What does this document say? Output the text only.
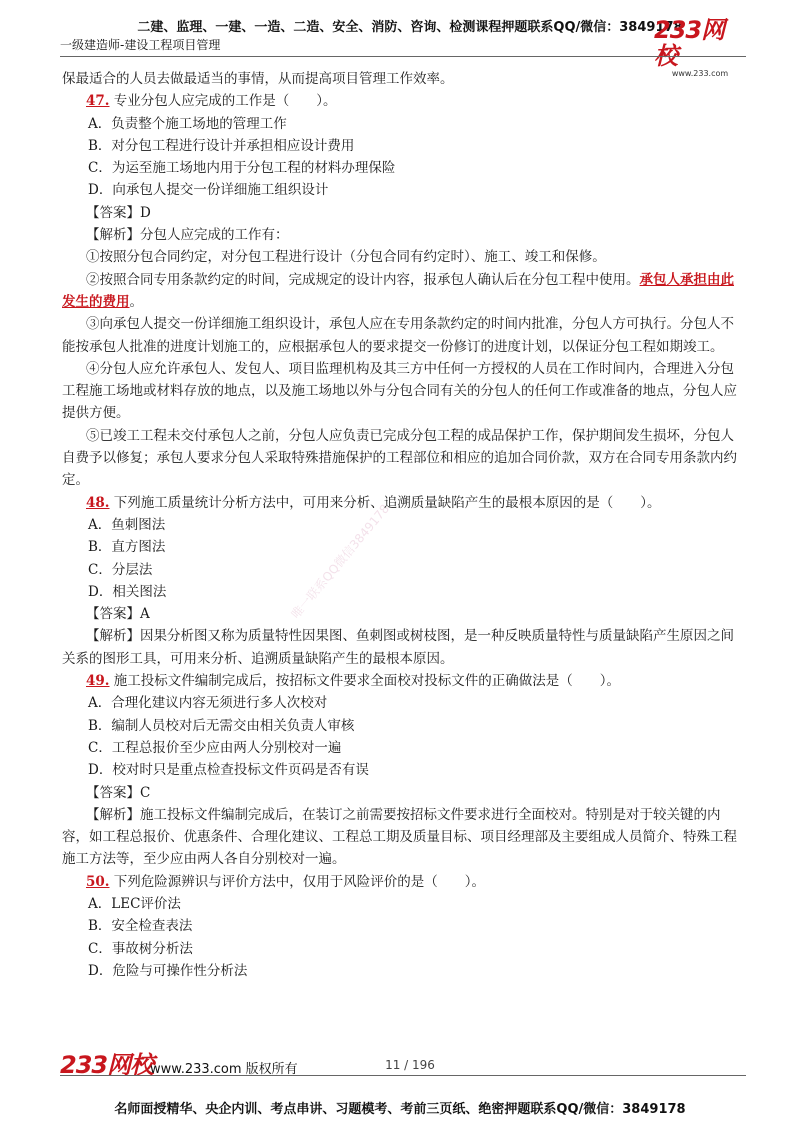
二建、监理、一建、一造、二造、安全、消防、咨询、检测课程押题联系QQ/微信：3849178
一级建造师-建设工程项目管理
233网校
www.233.com
唯一联系QQ微信3849178

保最适合的人员去做最适当的事情，从而提高项目管理工作效率。

47. 专业分包人应完成的工作是（　　）。

A．负责整个施工场地的管理工作

B．对分包工程进行设计并承担相应设计费用

C．为运至施工场地内用于分包工程的材料办理保险

D．向承包人提交一份详细施工组织设计

【答案】D

【解析】分包人应完成的工作有：

①按照分包合同约定，对分包工程进行设计（分包合同有约定时）、施工、竣工和保修。

②按照合同专用条款约定的时间，完成规定的设计内容，报承包人确认后在分包工程中使用。承包人承担由此发生的费用。

③向承包人提交一份详细施工组织设计，承包人应在专用条款约定的时间内批准，分包人方可执行。分包人不能按承包人批准的进度计划施工的，应根据承包人的要求提交一份修订的进度计划，以保证分包工程如期竣工。

④分包人应允许承包人、发包人、项目监理机构及其三方中任何一方授权的人员在工作时间内，合理进入分包工程施工场地或材料存放的地点，以及施工场地以外与分包合同有关的分包人的任何工作或准备的地点，分包人应提供方便。

⑤已竣工工程未交付承包人之前，分包人应负责已完成分包工程的成品保护工作，保护期间发生损坏，分包人自费予以修复；承包人要求分包人采取特殊措施保护的工程部位和相应的追加合同价款，双方在合同专用条款内约定。

48. 下列施工质量统计分析方法中，可用来分析、追溯质量缺陷产生的最根本原因的是（　　）。

A．鱼刺图法

B．直方图法

C．分层法

D．相关图法

【答案】A

【解析】因果分析图又称为质量特性因果图、鱼刺图或树枝图，是一种反映质量特性与质量缺陷产生原因之间关系的图形工具，可用来分析、追溯质量缺陷产生的最根本原因。

49. 施工投标文件编制完成后，按招标文件要求全面校对投标文件的正确做法是（　　）。

A．合理化建议内容无须进行多人次校对

B．编制人员校对后无需交由相关负责人审核

C．工程总报价至少应由两人分别校对一遍

D．校对时只是重点检查投标文件页码是否有误

【答案】C

【解析】施工投标文件编制完成后，在装订之前需要按招标文件要求进行全面校对。特别是对于较关键的内容，如工程总报价、优惠条件、合理化建议、工程总工期及质量目标、项目经理部及主要组成人员简介、特殊工程施工方法等，至少应由两人各自分别校对一遍。

50. 下列危险源辨识与评价方法中，仅用于风险评价的是（　　）。

A．LEC评价法

B．安全检查表法

C．事故树分析法

D．危险与可操作性分析法

233网校
www.233.com 版权所有	11 / 196
名师面授精华、央企内训、考点串讲、习题模考、考前三页纸、绝密押题联系QQ/微信：3849178
